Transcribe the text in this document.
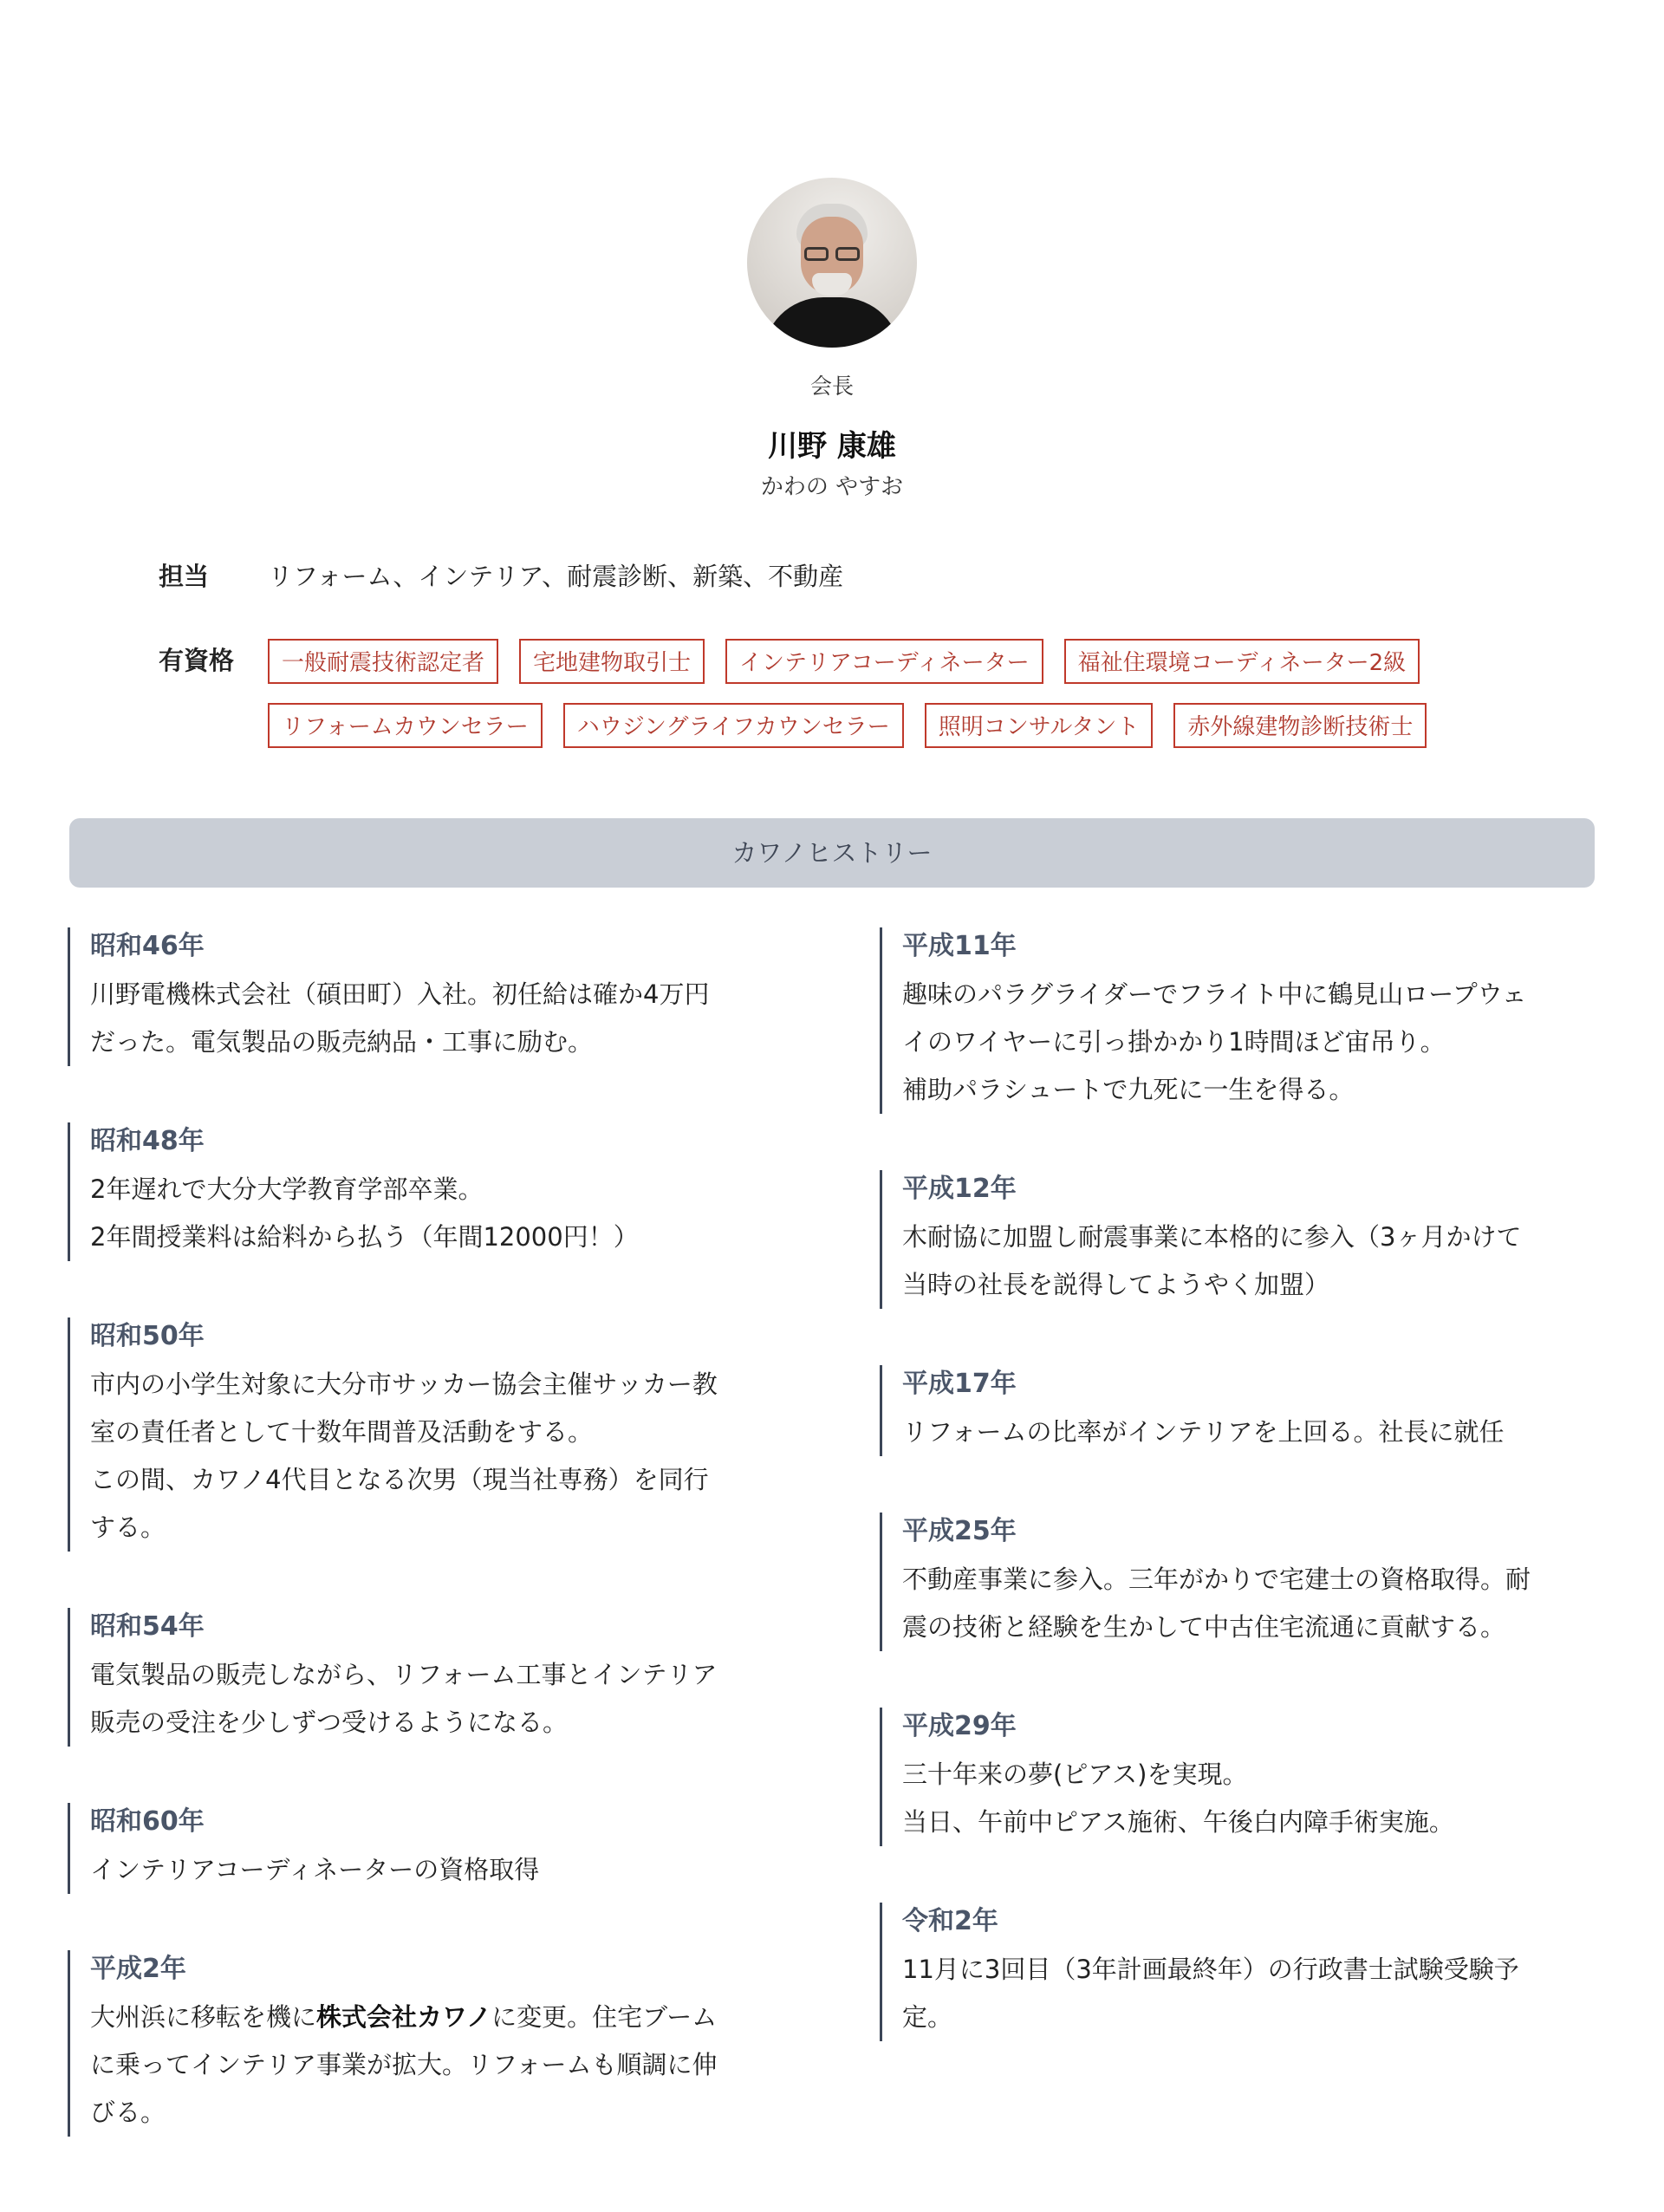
会長
川野 康雄
かわの やすお
担当 リフォーム、インテリア、耐震診断、新築、不動産
有資格	一般耐震技術認定者	宅地建物取引士	インテリアコーディネーター	福祉住環境コーディネーター2級
リフォームカウンセラー	ハウジングライフカウンセラー	照明コンサルタント	赤外線建物診断技術士
カワノヒストリー
昭和46年
川野電機株式会社（碩田町）入社。初任給は確か4万円
だった。電気製品の販売納品・工事に励む。
昭和48年
2年遅れで大分大学教育学部卒業。
2年間授業料は給料から払う（年間12000円！）
昭和50年
市内の小学生対象に大分市サッカー協会主催サッカー教
室の責任者として十数年間普及活動をする。
この間、カワノ4代目となる次男（現当社専務）を同行
する。
昭和54年
電気製品の販売しながら、リフォーム工事とインテリア
販売の受注を少しずつ受けるようになる。
昭和60年
インテリアコーディネーターの資格取得
平成2年
大州浜に移転を機に株式会社カワノに変更。住宅ブーム
に乗ってインテリア事業が拡大。リフォームも順調に伸
びる。
平成11年
趣味のパラグライダーでフライト中に鶴見山ロープウェ
イのワイヤーに引っ掛かかり1時間ほど宙吊り。
補助パラシュートで九死に一生を得る。
平成12年
木耐協に加盟し耐震事業に本格的に参入（3ヶ月かけて
当時の社長を説得してようやく加盟）
平成17年
リフォームの比率がインテリアを上回る。社長に就任
平成25年
不動産事業に参入。三年がかりで宅建士の資格取得。耐
震の技術と経験を生かして中古住宅流通に貢献する。
平成29年
三十年来の夢(ピアス)を実現。
当日、午前中ピアス施術、午後白内障手術実施。
令和2年
11月に3回目（3年計画最終年）の行政書士試験受験予
定。
